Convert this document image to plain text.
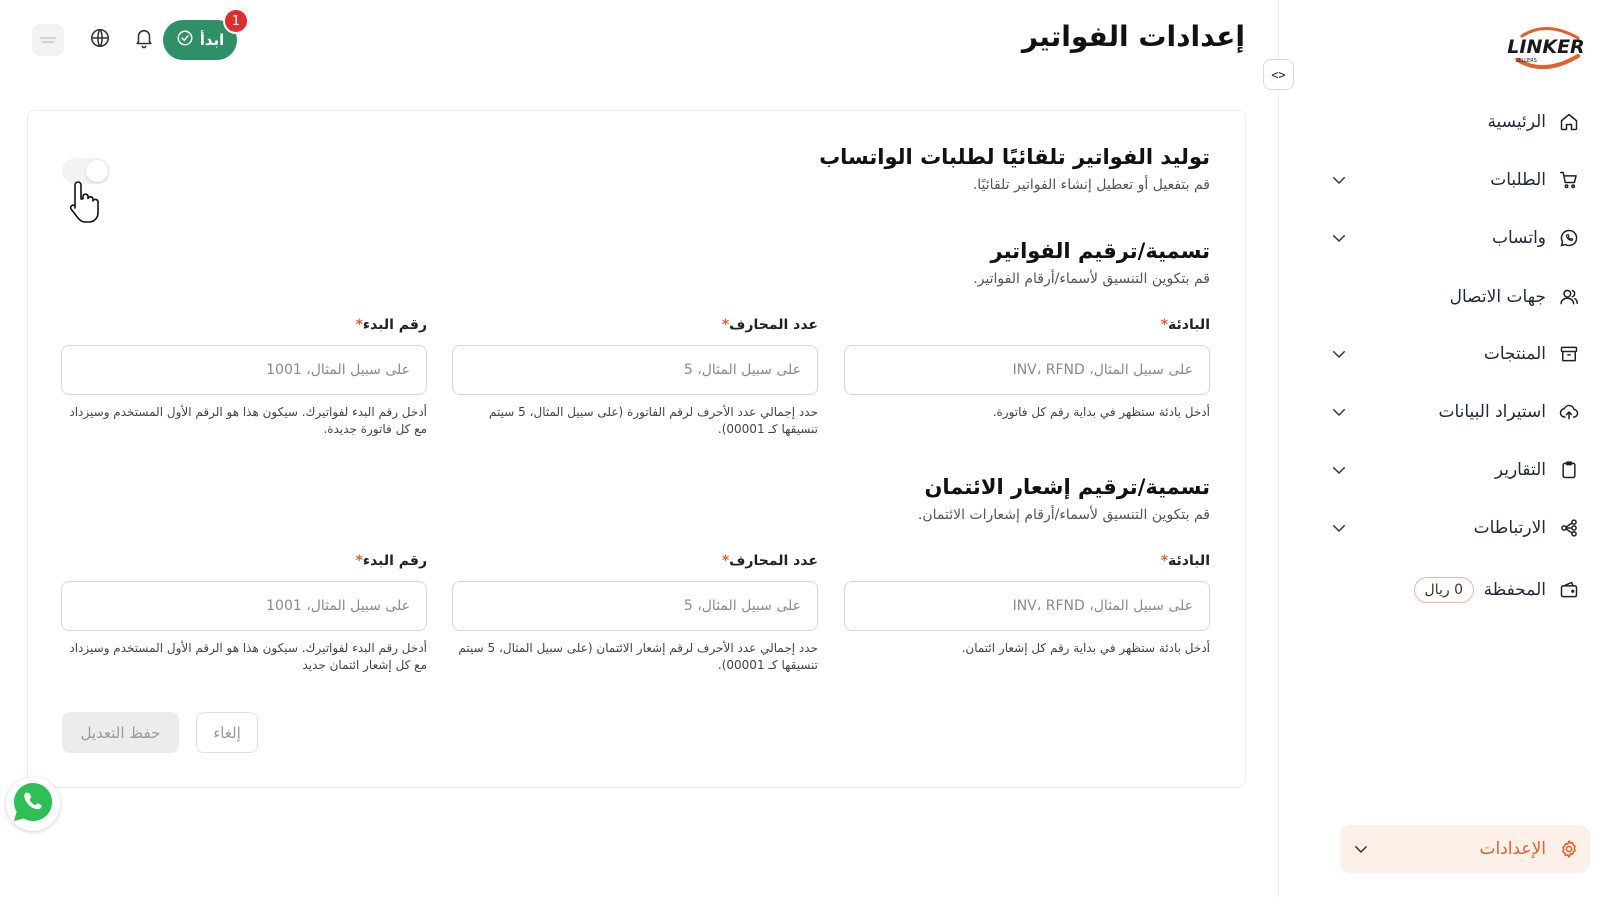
LINKER
SELLERS
<>
الرئيسية
الطلبات
واتساب
جهات الاتصال
المنتجات
استيراد البيانات
التقارير
الارتباطات
المحفظة
0 ريال
الإعدادات
إعدادات الفواتير
ابدأ
1
توليد الفواتير تلقائيًا لطلبات الواتساب

قم بتفعيل أو تعطيل إنشاء الفواتير تلقائيًا.

تسمية/ترقيم الفواتير

قم بتكوين التنسيق لأسماء/أرقام الفواتير.

البادئة*
على سبيل المثال، INV، RFND
أدخل بادئة ستظهر في بداية رقم كل فاتورة.
عدد المحارف*
على سبيل المثال، 5
حدد إجمالي عدد الأحرف لرقم الفاتورة (على سبيل المثال، 5 سيتم تنسيقها كـ 00001).
رقم البدء*
على سبيل المثال، 1001
أدخل رقم البدء لفواتيرك. سيكون هذا هو الرقم الأول المستخدم وسيزداد مع كل فاتورة جديدة.
تسمية/ترقيم إشعار الائتمان

قم بتكوين التنسيق لأسماء/أرقام إشعارات الائتمان.

البادئة*
على سبيل المثال، INV، RFND
أدخل بادئة ستظهر في بداية رقم كل إشعار ائتمان.
عدد المحارف*
على سبيل المثال، 5
حدد إجمالي عدد الأحرف لرقم إشعار الائتمان (على سبيل المثال، 5 سيتم تنسيقها كـ 00001).
رقم البدء*
على سبيل المثال، 1001
أدخل رقم البدء لفواتيرك. سيكون هذا هو الرقم الأول المستخدم وسيزداد مع كل إشعار ائتمان جديد
إلغاء
حفظ التعديل
